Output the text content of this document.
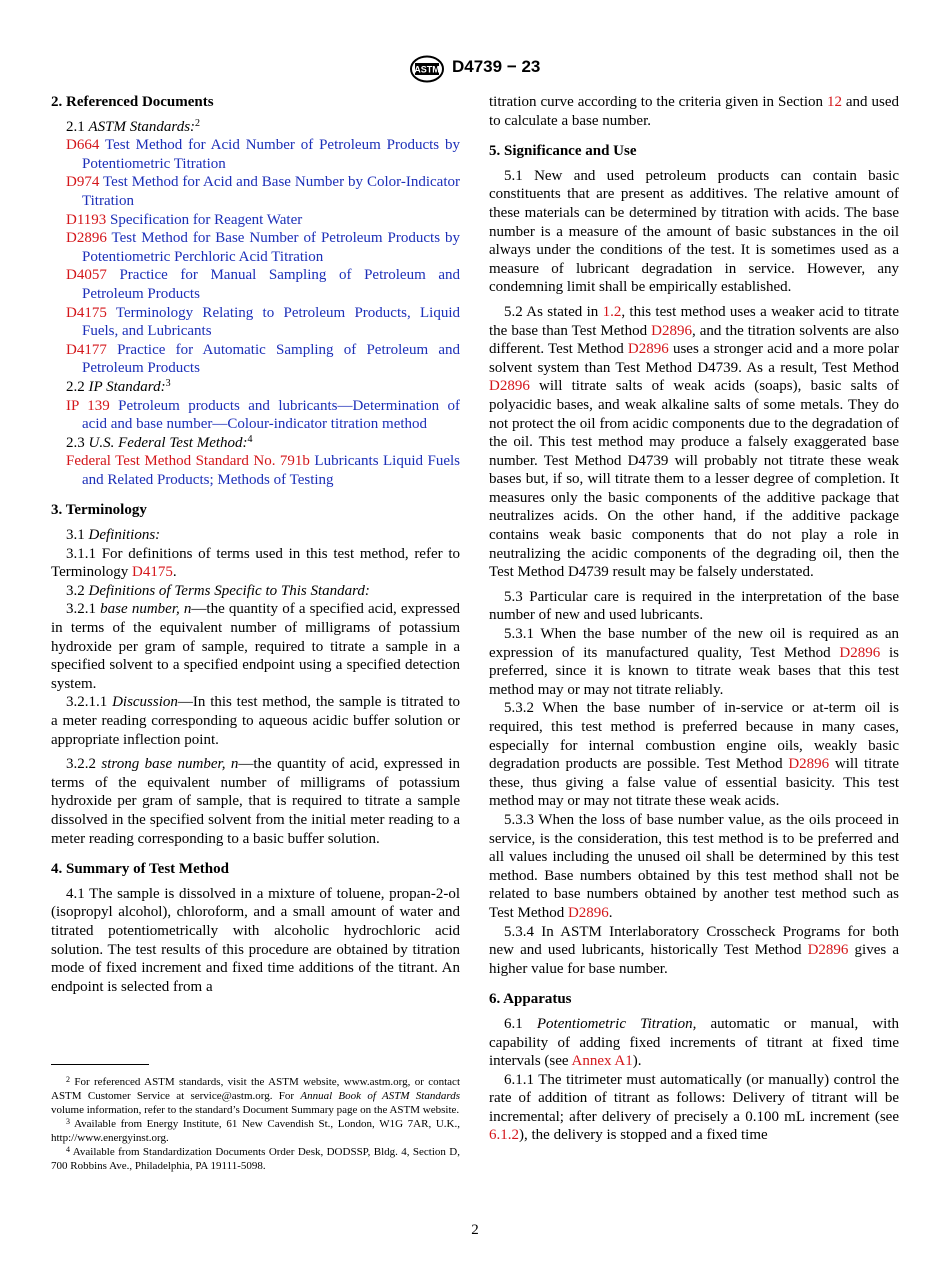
ASTM D4739 − 23

2. Referenced Documents

2.1 ASTM Standards:$^2$

D664 Test Method for Acid Number of Petroleum Products by Potentiometric Titration

D974 Test Method for Acid and Base Number by Color-Indicator Titration

D1193 Specification for Reagent Water

D2896 Test Method for Base Number of Petroleum Products by Potentiometric Perchloric Acid Titration

D4057 Practice for Manual Sampling of Petroleum and Petroleum Products

D4175 Terminology Relating to Petroleum Products, Liquid Fuels, and Lubricants

D4177 Practice for Automatic Sampling of Petroleum and Petroleum Products

2.2 IP Standard:$^3$

IP 139 Petroleum products and lubricants—Determination of acid and base number—Colour-indicator titration method

2.3 U.S. Federal Test Method:$^4$

Federal Test Method Standard No. 791b Lubricants Liquid Fuels and Related Products; Methods of Testing

3. Terminology

3.1 Definitions:

3.1.1 For definitions of terms used in this test method, refer to Terminology D4175.

3.2 Definitions of Terms Specific to This Standard:

3.2.1 base number, n—the quantity of a specified acid, expressed in terms of the equivalent number of milligrams of potassium hydroxide per gram of sample, required to titrate a sample in a specified solvent to a specified endpoint using a specified detection system.

3.2.1.1 Discussion—In this test method, the sample is titrated to a meter reading corresponding to aqueous acidic buffer solution or appropriate inflection point.

3.2.2 strong base number, n—the quantity of acid, expressed in terms of the equivalent number of milligrams of potassium hydroxide per gram of sample, that is required to titrate a sample dissolved in the specified solvent from the initial meter reading to a meter reading corresponding to a basic buffer solution.

4. Summary of Test Method

4.1 The sample is dissolved in a mixture of toluene, propan-2-ol (isopropyl alcohol), chloroform, and a small amount of water and titrated potentiometrically with alcoholic hydrochloric acid solution. The test results of this procedure are obtained by titration mode of fixed increment and fixed time additions of the titrant. An endpoint is selected from a

titration curve according to the criteria given in Section 12 and used to calculate a base number.

5. Significance and Use

5.1 New and used petroleum products can contain basic constituents that are present as additives. The relative amount of these materials can be determined by titration with acids. The base number is a measure of the amount of basic substances in the oil always under the conditions of the test. It is sometimes used as a measure of lubricant degradation in service. However, any condemning limit shall be empirically established.

5.2 As stated in 1.2, this test method uses a weaker acid to titrate the base than Test Method D2896, and the titration solvents are also different. Test Method D2896 uses a stronger acid and a more polar solvent system than Test Method D4739. As a result, Test Method D2896 will titrate salts of weak acids (soaps), basic salts of polyacidic bases, and weak alkaline salts of some metals. They do not protect the oil from acidic components due to the degradation of the oil. This test method may produce a falsely exaggerated base number. Test Method D4739 will probably not titrate these weak bases but, if so, will titrate them to a lesser degree of completion. It measures only the basic components of the additive package that neutralizes acids. On the other hand, if the additive package contains weak basic components that do not play a role in neutralizing the acidic components of the degrading oil, then the Test Method D4739 result may be falsely understated.

5.3 Particular care is required in the interpretation of the base number of new and used lubricants.

5.3.1 When the base number of the new oil is required as an expression of its manufactured quality, Test Method D2896 is preferred, since it is known to titrate weak bases that this test method may or may not titrate reliably.

5.3.2 When the base number of in-service or at-term oil is required, this test method is preferred because in many cases, especially for internal combustion engine oils, weakly basic degradation products are possible. Test Method D2896 will titrate these, thus giving a false value of essential basicity. This test method may or may not titrate these weak acids.

5.3.3 When the loss of base number value, as the oils proceed in service, is the consideration, this test method is to be preferred and all values including the unused oil shall be determined by this test method. Base numbers obtained by this test method shall not be related to base numbers obtained by another test method such as Test Method D2896.

5.3.4 In ASTM Interlaboratory Crosscheck Programs for both new and used lubricants, historically Test Method D2896 gives a higher value for base number.

6. Apparatus

6.1 Potentiometric Titration, automatic or manual, with capability of adding fixed increments of titrant at fixed time intervals (see Annex A1).

6.1.1 The titrimeter must automatically (or manually) control the rate of addition of titrant as follows: Delivery of titrant will be incremental; after delivery of precisely a 0.100 mL increment (see 6.1.2), the delivery is stopped and a fixed time

$^2$ For referenced ASTM standards, visit the ASTM website, www.astm.org, or contact ASTM Customer Service at service@astm.org. For Annual Book of ASTM Standards volume information, refer to the standard’s Document Summary page on the ASTM website.

$^3$ Available from Energy Institute, 61 New Cavendish St., London, W1G 7AR, U.K., http://www.energyinst.org.

$^4$ Available from Standardization Documents Order Desk, DODSSP, Bldg. 4, Section D, 700 Robbins Ave., Philadelphia, PA 19111-5098.

2
